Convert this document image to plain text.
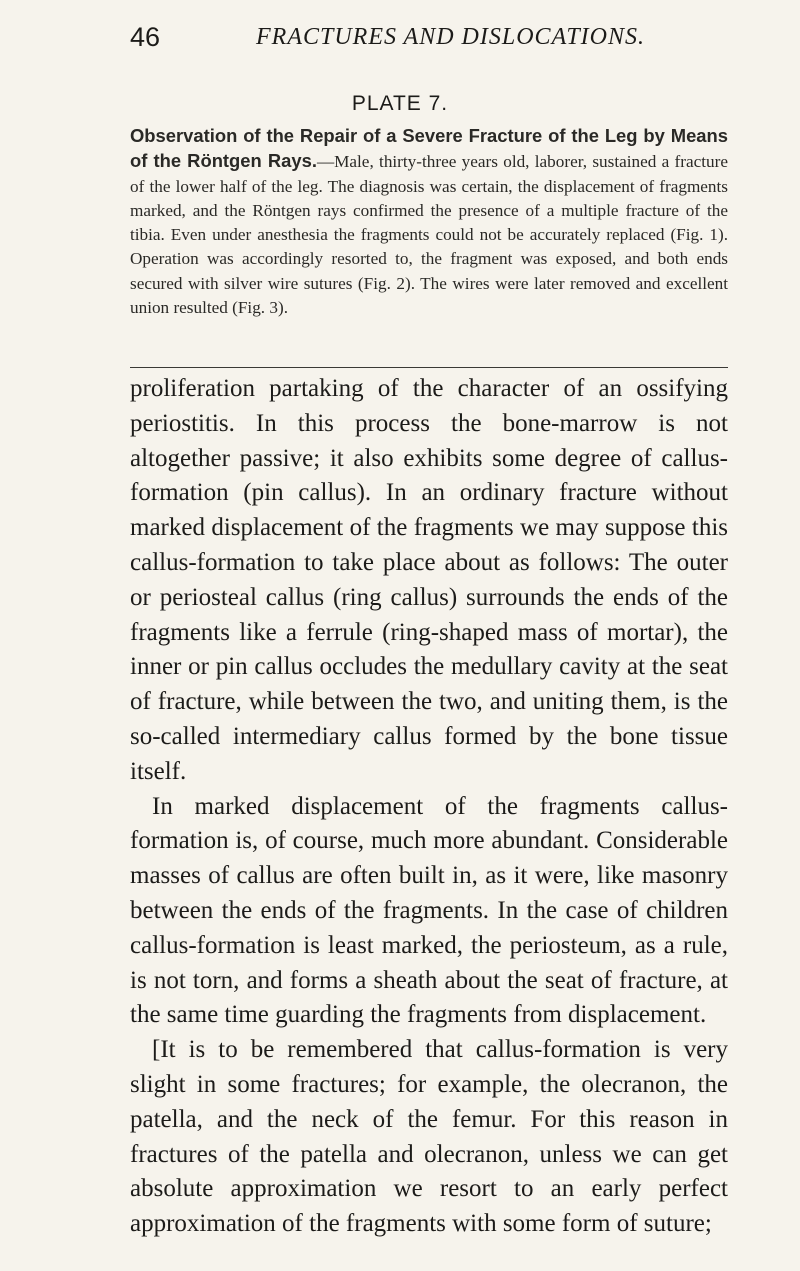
46	FRACTURES AND DISLOCATIONS.
PLATE 7.
Observation of the Repair of a Severe Fracture of the Leg by Means of the Röntgen Rays.—Male, thirty-three years old, laborer, sustained a fracture of the lower half of the leg. The diagnosis was certain, the displacement of fragments marked, and the Röntgen rays confirmed the presence of a multiple fracture of the tibia. Even under anesthesia the fragments could not be accurately replaced (Fig. 1). Operation was accordingly resorted to, the fragment was exposed, and both ends secured with silver wire sutures (Fig. 2). The wires were later removed and excellent union resulted (Fig. 3).

proliferation partaking of the character of an ossifying periostitis. In this process the bone-marrow is not altogether passive; it also exhibits some degree of callus-formation (pin callus). In an ordinary fracture without marked displacement of the fragments we may suppose this callus-formation to take place about as follows: The outer or periosteal callus (ring callus) surrounds the ends of the fragments like a ferrule (ring-shaped mass of mortar), the inner or pin callus occludes the medullary cavity at the seat of fracture, while between the two, and uniting them, is the so-called intermediary callus formed by the bone tissue itself.

In marked displacement of the fragments callus-formation is, of course, much more abundant. Considerable masses of callus are often built in, as it were, like masonry between the ends of the fragments. In the case of children callus-formation is least marked, the periosteum, as a rule, is not torn, and forms a sheath about the seat of fracture, at the same time guarding the fragments from displacement.

[It is to be remembered that callus-formation is very slight in some fractures; for example, the olecranon, the patella, and the neck of the femur. For this reason in fractures of the patella and olecranon, unless we can get absolute approximation we resort to an early perfect approximation of the fragments with some form of suture;
